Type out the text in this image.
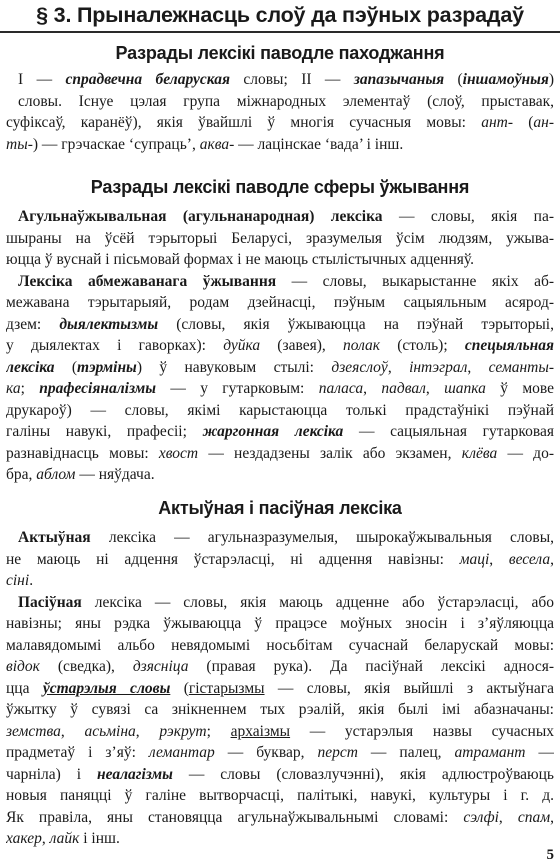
§ 3. Прыналежнасць слоў да пэўных разрадаў
Разрады лексікі паводле паходжання
I — спрадвечна беларуская словы; II — запазычаныя (іншамоўныя)
словы. Існуе цэлая група міжнародных элементаў (слоў, прыставак,
суфіксаў, каранёў), якія ўвайшлі ў многія сучасныя мовы: ант- (ан-
ты-) — грэчаскае ‘супраць’, аква- — лацінскае ‘вада’ і інш.
Разрады лексікі паводле сферы ўжывання
Агульнаўжывальная (агульнанародная) лексіка — словы, якія па-
шыраны на ўсёй тэрыторыі Беларусі, зразумелыя ўсім людзям, ужыва-
юцца ў вуснай і пісьмовай формах і не маюць стылістычных адценняў.
Лексіка абмежаванага ўжывання — словы, выкарыстанне якіх аб-
межавана тэрытарыяй, родам дзейнасці, пэўным сацыяльным асярод-
дзем: дыялектызмы (словы, якія ўжываюцца на пэўнай тэрыторыі,
у дыялектах і гаворках): дуйка (завея), полак (столь); спецыяльная
лексіка (тэрміны) ў навуковым стылі: дзеяслоў, інтэграл, семанты-
ка; прафесіяналізмы — у гутарковым: паласа, падвал, шапка ў мове
друкароў) — словы, якімі карыстаюцца толькі прадстаўнікі пэўнай
галіны навукі, прафесіі; жаргонная лексіка — сацыяльная гутарковая
разнавіднасць мовы: хвост — нездадзены залік або экзамен, клёва — до-
бра, аблом — няўдача.
Актыўная і пасіўная лексіка
Актыўная лексіка — агульназразумелыя, шырокаўжывальныя словы,
не маюць ні адцення ўстарэласці, ні адцення навізны: маці, весела,
сіні.
Пасіўная лексіка — словы, якія маюць адценне або ўстарэласці, або
навізны; яны рэдка ўжываюцца ў працэсе моўных зносін і з’яўляюцца
малавядомымі альбо невядомымі носьбітам сучаснай беларускай мовы:
відок (сведка), дзясніца (правая рука). Да пасіўнай лексікі аднося-
цца ўстарэлыя словы (гістарызмы — словы, якія выйшлі з актыўнага
ўжытку ў сувязі са знікненнем тых рэалій, якія былі імі абазначаны:
земства, асьміна, рэкрут; архаізмы — устарэлыя назвы сучасных
прадметаў і з’яў: лемантар — буквар, перст — палец, атрамант —
чарніла) і неалагізмы — словы (словазлучэнні), якія адлюстроўваюць
новыя паняцці ў галіне вытворчасці, палітыкі, навукі, культуры і г. д.
Як правіла, яны становяцца агульнаўжывальнымі словамі: сэлфі, спам,
хакер, лайк і інш.
5
